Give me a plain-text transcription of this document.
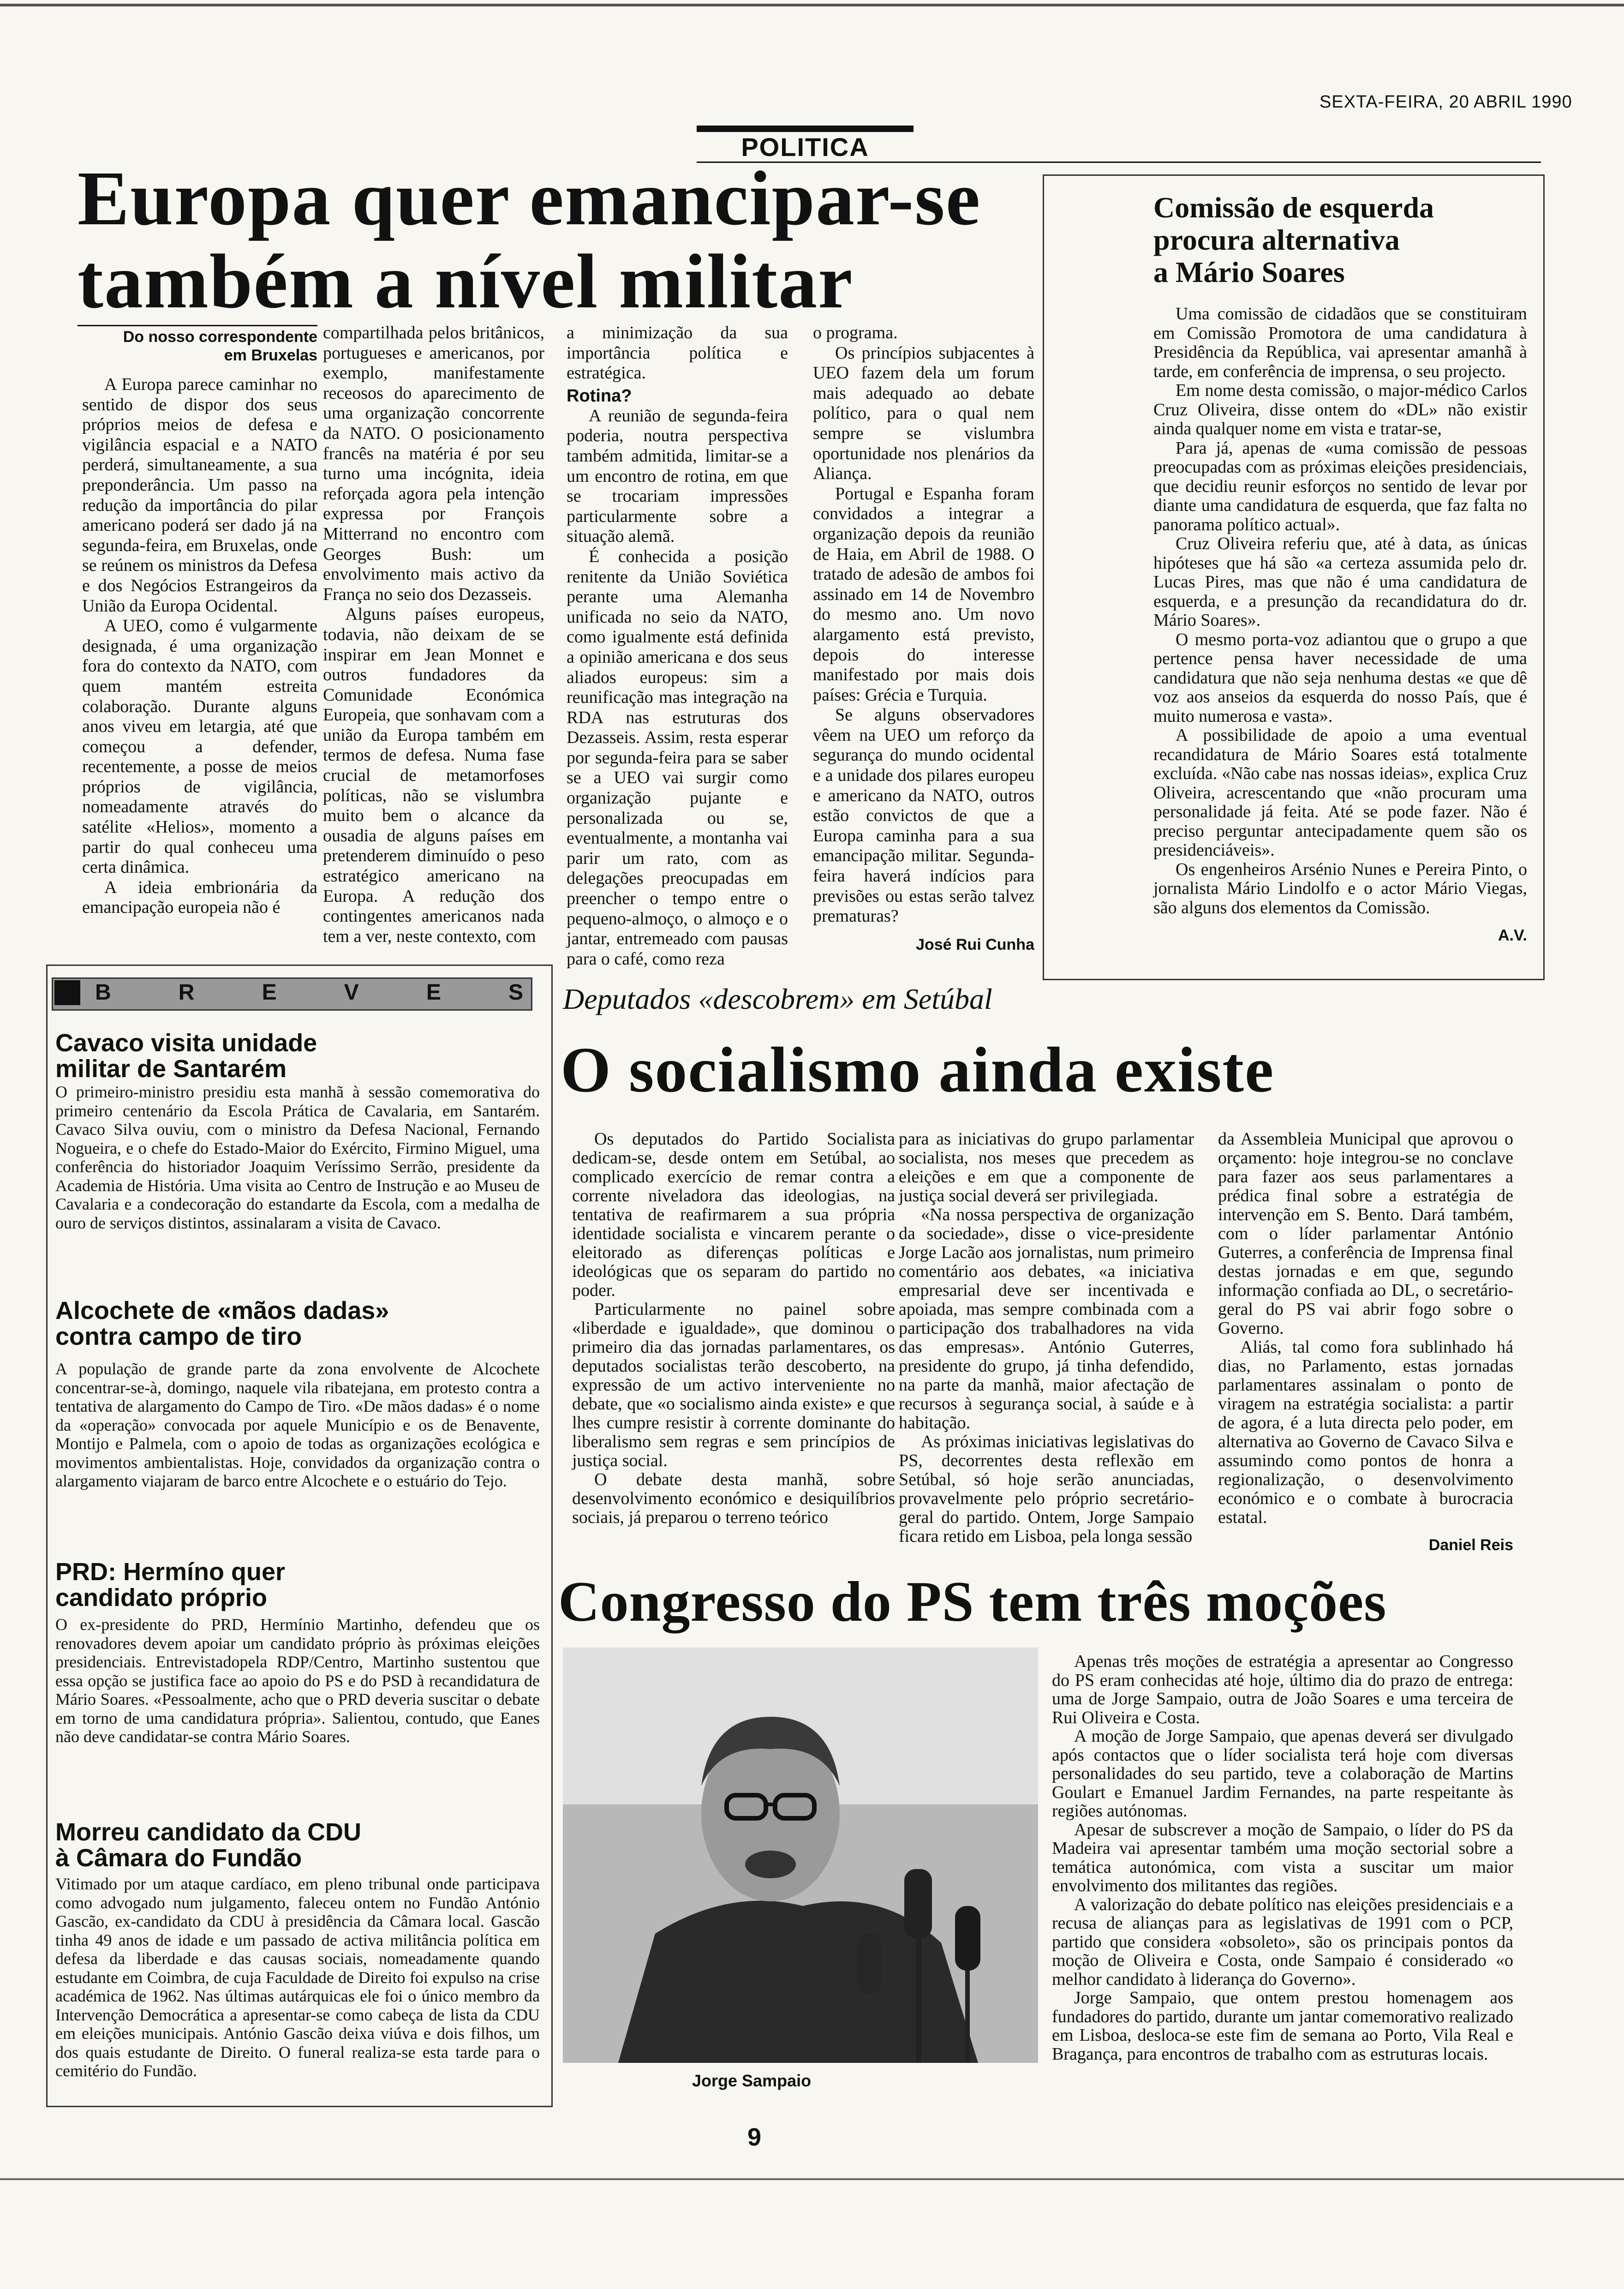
SEXTA-FEIRA, 20 ABRIL 1990
POLITICA
Europa quer emancipar-se
também a nível militar
Do nosso correspondente
em Bruxelas

A Europa parece caminhar no sentido de dispor dos seus próprios meios de defesa e vigilância espacial e a NATO perderá, simultaneamente, a sua preponderância. Um passo na redução da importância do pilar americano poderá ser dado já na segunda-feira, em Bruxelas, onde se reúnem os ministros da Defesa e dos Negócios Estrangeiros da União da Europa Ocidental.

A UEO, como é vulgarmente designada, é uma organização fora do contexto da NATO, com quem mantém estreita colaboração. Durante alguns anos viveu em letargia, até que começou a defender, recentemente, a posse de meios próprios de vigilância, nomeadamente através do satélite «Helios», momento a partir do qual conheceu uma certa dinâmica.

A ideia embrionária da emancipação europeia não é

compartilhada pelos britânicos, portugueses e americanos, por exemplo, manifestamente receosos do aparecimento de uma organização concorrente da NATO. O posicionamento francês na matéria é por seu turno uma incógnita, ideia reforçada agora pela intenção expressa por François Mitterrand no encontro com Georges Bush: um envolvimento mais activo da França no seio dos Dezasseis.

Alguns países europeus, todavia, não deixam de se inspirar em Jean Monnet e outros fundadores da Comunidade Económica Europeia, que sonhavam com a união da Europa também em termos de defesa. Numa fase crucial de metamorfoses políticas, não se vislumbra muito bem o alcance da ousadia de alguns países em pretenderem diminuído o peso estratégico americano na Europa. A redução dos contingentes americanos nada tem a ver, neste contexto, com

a minimização da sua importância política e estratégica.

Rotina?

A reunião de segunda-feira poderia, noutra perspectiva também admitida, limitar-se a um encontro de rotina, em que se trocariam impressões particularmente sobre a situação alemã.

É conhecida a posição renitente da União Soviética perante uma Alemanha unificada no seio da NATO, como igualmente está definida a opinião americana e dos seus aliados europeus: sim a reunificação mas integração na RDA nas estruturas dos Dezasseis. Assim, resta esperar por segunda-feira para se saber se a UEO vai surgir como organização pujante e personalizada ou se, eventualmente, a montanha vai parir um rato, com as delegações preocupadas em preencher o tempo entre o pequeno-almoço, o almoço e o jantar, entremeado com pausas para o café, como reza

o programa.

Os princípios subjacentes à UEO fazem dela um forum mais adequado ao debate político, para o qual nem sempre se vislumbra oportunidade nos plenários da Aliança.

Portugal e Espanha foram convidados a integrar a organização depois da reunião de Haia, em Abril de 1988. O tratado de adesão de ambos foi assinado em 14 de Novembro do mesmo ano. Um novo alargamento está previsto, depois do interesse manifestado por mais dois países: Grécia e Turquia.

Se alguns observadores vêem na UEO um reforço da segurança do mundo ocidental e a unidade dos pilares europeu e americano da NATO, outros estão convictos de que a Europa caminha para a sua emancipação militar. Segunda-feira haverá indícios para previsões ou estas serão talvez prematuras?

José Rui Cunha

Comissão de esquerda
procura alternativa
a Mário Soares

Uma comissão de cidadãos que se constituiram em Comissão Promotora de uma candidatura à Presidência da República, vai apresentar amanhã à tarde, em conferência de imprensa, o seu projecto.

Em nome desta comissão, o major-médico Carlos Cruz Oliveira, disse ontem do «DL» não existir ainda qualquer nome em vista e tratar-se,

Para já, apenas de «uma comissão de pessoas preocupadas com as próximas eleições presidenciais, que decidiu reunir esforços no sentido de levar por diante uma candidatura de esquerda, que faz falta no panorama político actual».

Cruz Oliveira referiu que, até à data, as únicas hipóteses que há são «a certeza assumida pelo dr. Lucas Pires, mas que não é uma candidatura de esquerda, e a presunção da recandidatura do dr. Mário Soares».

O mesmo porta-voz adiantou que o grupo a que pertence pensa haver necessidade de uma candidatura que não seja nenhuma destas «e que dê voz aos anseios da esquerda do nosso País, que é muito numerosa e vasta».

A possibilidade de apoio a uma eventual recandidatura de Mário Soares está totalmente excluída. «Não cabe nas nossas ideias», explica Cruz Oliveira, acrescentando que «não procuram uma personalidade já feita. Até se pode fazer. Não é preciso perguntar antecipadamente quem são os presidenciáveis».

Os engenheiros Arsénio Nunes e Pereira Pinto, o jornalista Mário Lindolfo e o actor Mário Viegas, são alguns dos elementos da Comissão.

A.V.

B	R	E	V	E	S
Cavaco visita unidade
militar de Santarém
O primeiro-ministro presidiu esta manhã à sessão comemorativa do primeiro centenário da Escola Prática de Cavalaria, em Santarém. Cavaco Silva ouviu, com o ministro da Defesa Nacional, Fernando Nogueira, e o chefe do Estado-Maior do Exército, Firmino Miguel, uma conferência do historiador Joaquim Veríssimo Serrão, presidente da Academia de História. Uma visita ao Centro de Instrução e ao Museu de Cavalaria e a condecoração do estandarte da Escola, com a medalha de ouro de serviços distintos, assinalaram a visita de Cavaco.
Alcochete de «mãos dadas»
contra campo de tiro
A população de grande parte da zona envolvente de Alcochete concentrar-se-à, domingo, naquele vila ribatejana, em protesto contra a tentativa de alargamento do Campo de Tiro. «De mãos dadas» é o nome da «operação» convocada por aquele Município e os de Benavente, Montijo e Palmela, com o apoio de todas as organizações ecológica e movimentos ambientalistas. Hoje, convidados da organização contra o alargamento viajaram de barco entre Alcochete e o estuário do Tejo.
PRD: Hermíno quer
candidato próprio
O ex-presidente do PRD, Hermínio Martinho, defendeu que os renovadores devem apoiar um candidato próprio às próximas eleições presidenciais. Entrevistadopela RDP/Centro, Martinho sustentou que essa opção se justifica face ao apoio do PS e do PSD à recandidatura de Mário Soares. «Pessoalmente, acho que o PRD deveria suscitar o debate em torno de uma candidatura própria». Salientou, contudo, que Eanes não deve candidatar-se contra Mário Soares.
Morreu candidato da CDU
à Câmara do Fundão
Vitimado por um ataque cardíaco, em pleno tribunal onde participava como advogado num julgamento, faleceu ontem no Fundão António Gascão, ex-candidato da CDU à presidência da Câmara local. Gascão tinha 49 anos de idade e um passado de activa militância política em defesa da liberdade e das causas sociais, nomeadamente quando estudante em Coimbra, de cuja Faculdade de Direito foi expulso na crise académica de 1962. Nas últimas autárquicas ele foi o único membro da Intervenção Democrática a apresentar-se como cabeça de lista da CDU em eleições municipais. António Gascão deixa viúva e dois filhos, um dos quais estudante de Direito. O funeral realiza-se esta tarde para o cemitério do Fundão.
Deputados «descobrem» em Setúbal
O socialismo ainda existe

Os deputados do Partido Socialista dedicam-se, desde ontem em Setúbal, ao complicado exercício de remar contra a corrente niveladora das ideologias, na tentativa de reafirmarem a sua própria identidade socialista e vincarem perante o eleitorado as diferenças políticas e ideológicas que os separam do partido no poder.

Particularmente no painel sobre «liberdade e igualdade», que dominou o primeiro dia das jornadas parlamentares, os deputados socialistas terão descoberto, na expressão de um activo interveniente no debate, que «o socialismo ainda existe» e que lhes cumpre resistir à corrente dominante do liberalismo sem regras e sem princípios de justiça social.

O debate desta manhã, sobre desenvolvimento económico e desiquilíbrios sociais, já preparou o terreno teórico

para as iniciativas do grupo parlamentar socialista, nos meses que precedem as eleições e em que a componente de justiça social deverá ser privilegiada.

«Na nossa perspectiva de organização da sociedade», disse o vice-presidente Jorge Lacão aos jornalistas, num primeiro comentário aos debates, «a iniciativa empresarial deve ser incentivada e apoiada, mas sempre combinada com a participação dos trabalhadores na vida das empresas». António Guterres, presidente do grupo, já tinha defendido, na parte da manhã, maior afectação de recursos à segurança social, à saúde e à habitação.

As próximas iniciativas legislativas do PS, decorrentes desta reflexão em Setúbal, só hoje serão anunciadas, provavelmente pelo próprio secretário-geral do partido. Ontem, Jorge Sampaio ficara retido em Lisboa, pela longa sessão

da Assembleia Municipal que aprovou o orçamento: hoje integrou-se no conclave para fazer aos seus parlamentares a prédica final sobre a estratégia de intervenção em S. Bento. Dará também, com o líder parlamentar António Guterres, a conferência de Imprensa final destas jornadas e em que, segundo informação confiada ao DL, o secretário-geral do PS vai abrir fogo sobre o Governo.

Aliás, tal como fora sublinhado há dias, no Parlamento, estas jornadas parlamentares assinalam o ponto de viragem na estratégia socialista: a partir de agora, é a luta directa pelo poder, em alternativa ao Governo de Cavaco Silva e assumindo como pontos de honra a regionalização, o desenvolvimento económico e o combate à burocracia estatal.

Daniel Reis

Congresso do PS tem três moções
Jorge Sampaio

Apenas três moções de estratégia a apresentar ao Congresso do PS eram conhecidas até hoje, último dia do prazo de entrega: uma de Jorge Sampaio, outra de João Soares e uma terceira de Rui Oliveira e Costa.

A moção de Jorge Sampaio, que apenas deverá ser divulgado após contactos que o líder socialista terá hoje com diversas personalidades do seu partido, teve a colaboração de Martins Goulart e Emanuel Jardim Fernandes, na parte respeitante às regiões autónomas.

Apesar de subscrever a moção de Sampaio, o líder do PS da Madeira vai apresentar também uma moção sectorial sobre a temática autonómica, com vista a suscitar um maior envolvimento dos militantes das regiões.

A valorização do debate político nas eleições presidenciais e a recusa de alianças para as legislativas de 1991 com o PCP, partido que considera «obsoleto», são os principais pontos da moção de Oliveira e Costa, onde Sampaio é considerado «o melhor candidato à liderança do Governo».

Jorge Sampaio, que ontem prestou homenagem aos fundadores do partido, durante um jantar comemorativo realizado em Lisboa, desloca-se este fim de semana ao Porto, Vila Real e Bragança, para encontros de trabalho com as estruturas locais.

9
